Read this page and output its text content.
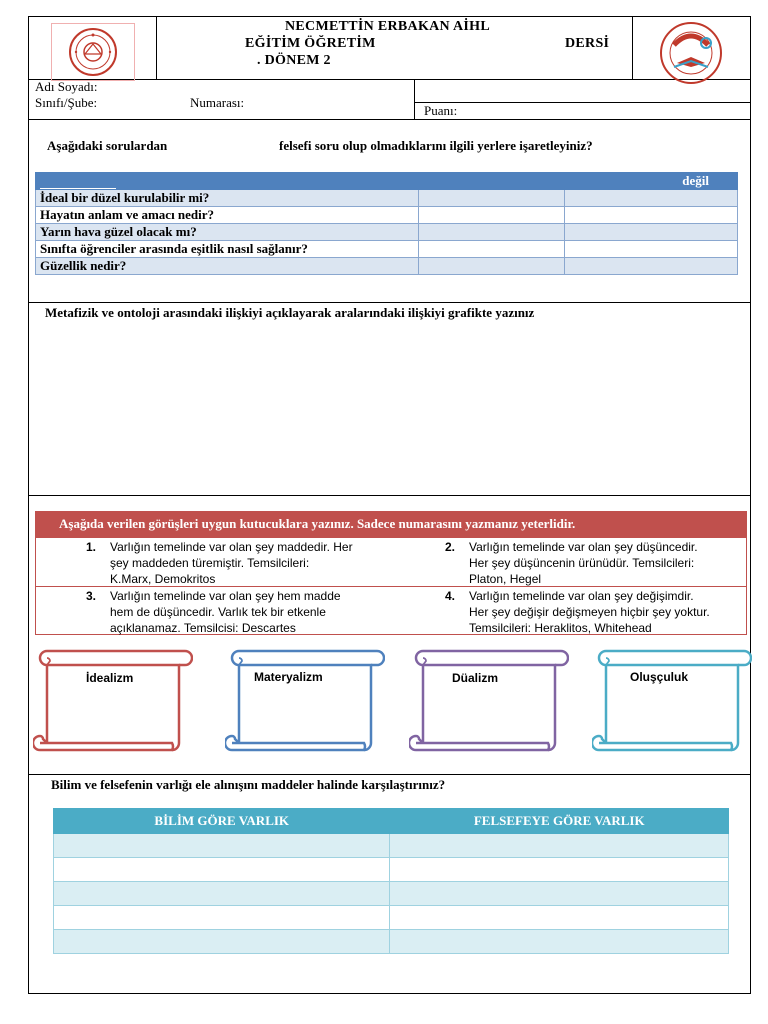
NECMETTİN ERBAKAN AİHL
EĞİTİM ÖĞRETİM	DERSİ
. DÖNEM 2
Adı Soyadı:
Sınıfı/Şube:	Numarası:
Puanı:
Aşağıdaki sorulardan	felsefi soru olup olmadıklarını ilgili yerlere işaretleyiniz?
		değil
İdeal bir düzel kurulabilir mi?		
Hayatın anlam ve amacı nedir?		
Yarın hava güzel olacak mı?		
Sınıfta öğrenciler arasında eşitlik nasıl sağlanır?		
Güzellik nedir?		
Metafizik ve ontoloji arasındaki ilişkiyi açıklayarak aralarındaki ilişkiyi grafikte yazınız
Aşağıda verilen görüşleri uygun kutucuklara yazınız. Sadece numarasını yazmanız yeterlidir.
1. Varlığın temelinde var olan şey maddedir. Her
şey maddeden türemiştir. Temsilcileri:
K.Marx, Demokritos
2. Varlığın temelinde var olan şey düşüncedir.
Her şey düşüncenin ürünüdür. Temsilcileri:
Platon, Hegel
3. Varlığın temelinde var olan şey hem madde
hem de düşüncedir. Varlık tek bir etkenle
açıklanamaz. Temsilcisi: Descartes
4. Varlığın temelinde var olan şey değişimdir.
Her şey değişir değişmeyen hiçbir şey yoktur.
Temsilcileri: Heraklitos, Whitehead
İdealizm	Materyalizm	Düalizm	Oluşçuluk
Bilim ve felsefenin varlığı ele alınışını maddeler halinde karşılaştırınız?
BİLİM GÖRE VARLIK	FELSEFEYE GÖRE VARLIK
